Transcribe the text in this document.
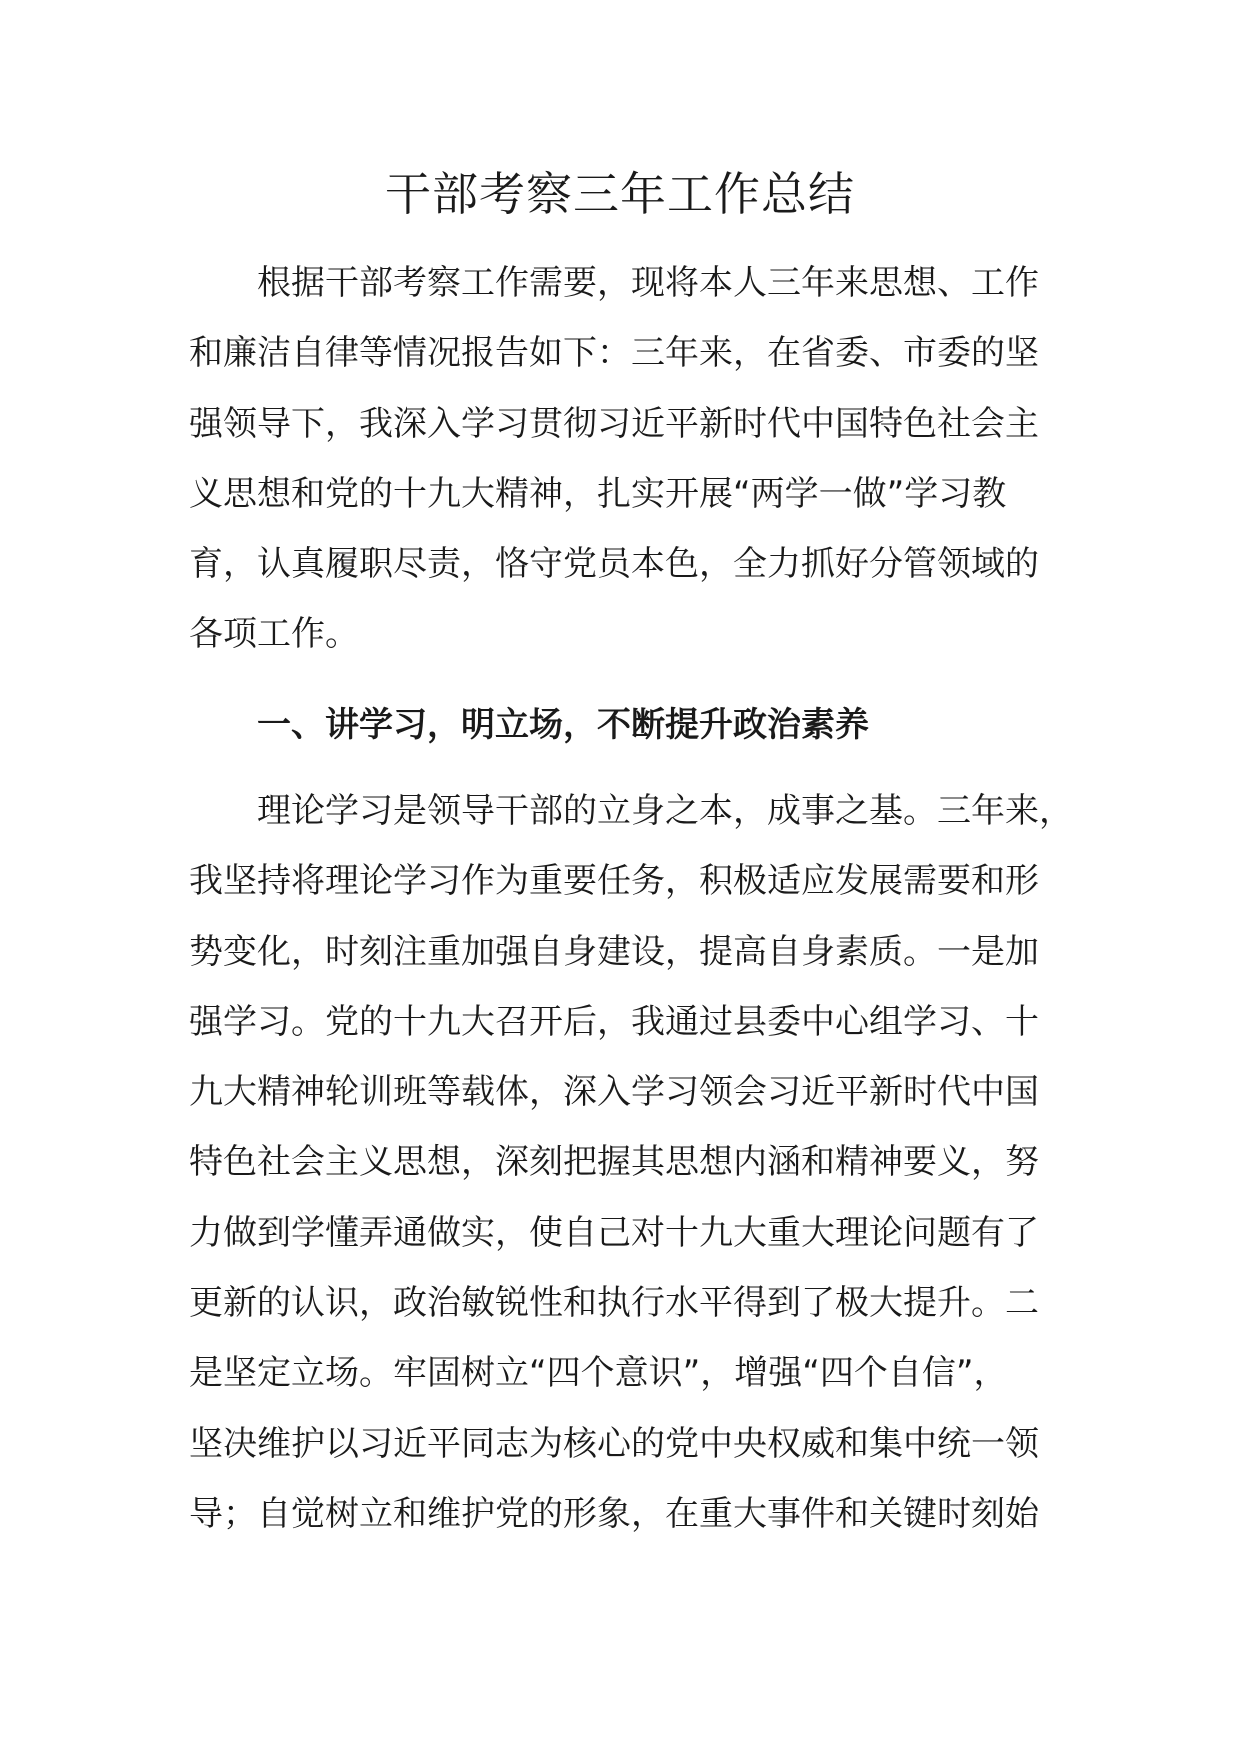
干部考察三年工作总结
根据干部考察工作需要，现将本人三年来思想、工作
和廉洁自律等情况报告如下：三年来，在省委、市委的坚
强领导下，我深入学习贯彻习近平新时代中国特色社会主
义思想和党的十九大精神，扎实开展“两学一做”学习教
育，认真履职尽责，恪守党员本色，全力抓好分管领域的
各项工作。
一、讲学习，明立场，不断提升政治素养
理论学习是领导干部的立身之本，成事之基。三年来，
我坚持将理论学习作为重要任务，积极适应发展需要和形
势变化，时刻注重加强自身建设，提高自身素质。一是加
强学习。党的十九大召开后，我通过县委中心组学习、十
九大精神轮训班等载体，深入学习领会习近平新时代中国
特色社会主义思想，深刻把握其思想内涵和精神要义，努
力做到学懂弄通做实，使自己对十九大重大理论问题有了
更新的认识，政治敏锐性和执行水平得到了极大提升。二
是坚定立场。牢固树立“四个意识”，增强“四个自信”，
坚决维护以习近平同志为核心的党中央权威和集中统一领
导；自觉树立和维护党的形象，在重大事件和关键时刻始
